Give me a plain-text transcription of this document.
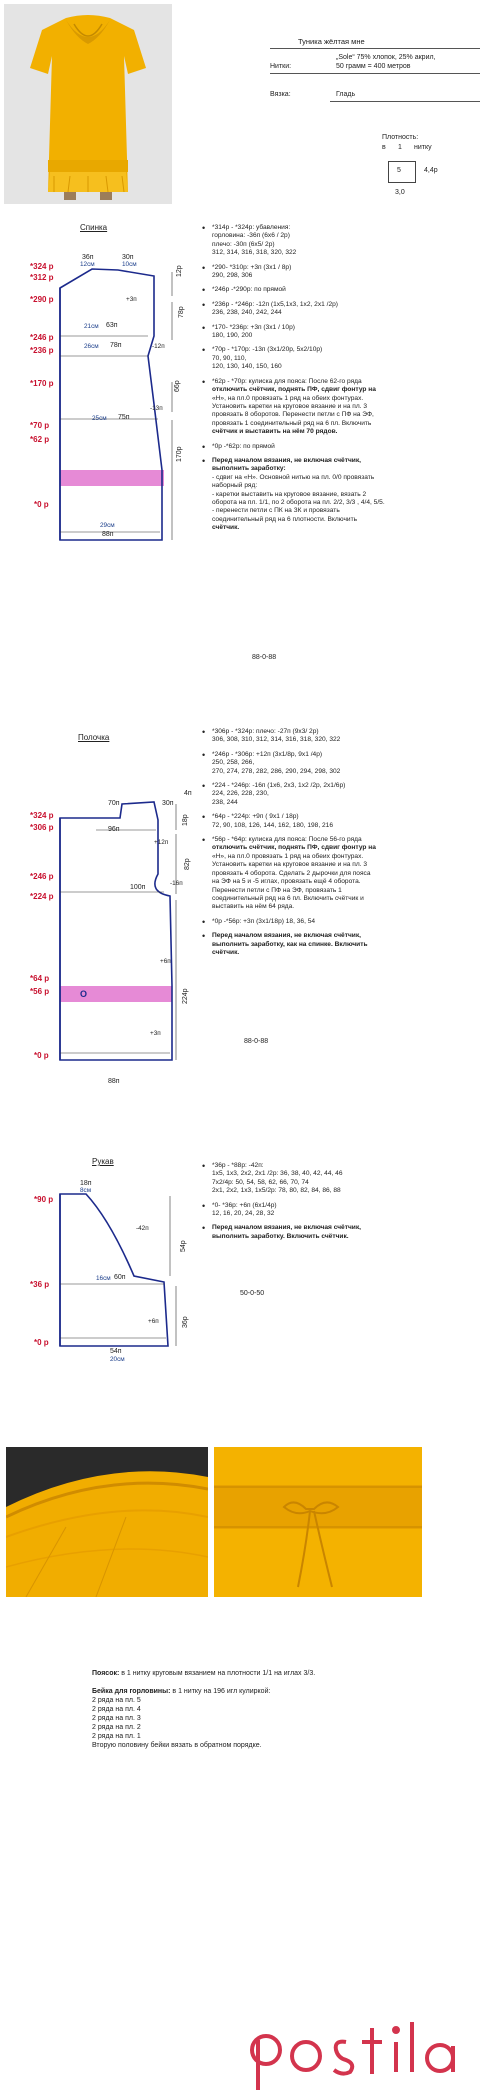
Туника жёлтая мне
„Sole“ 75% хлопок, 25% акрил,
Нитки:	50 грамм = 400 метров
Вязка:	Гладь
Плотность:
в 1 нитку
5	4,4р
3,0
Спинка
*324 р
*312 р
*290 р
*246 р
*236 р
*170 р
*70 р
*62 р
*0 р
36п
12см
30п
10см
12р
+3п
78р
21см 63п
26см 78п	-12п
66р
25см 75п
170р
-13п
29см
88п
• *314р - *324р: убавления:
горловина: -36п (6х6 / 2р)
плечо: -30п (6х5/ 2р)
312, 314, 316, 318, 320, 322
• *290- *310р: +3п (3х1 / 8р)
290, 298, 306
• *246р -*290р: по прямой
• *236р - *246р: -12п (1х5,1х3, 1х2, 2х1 /2р)
236, 238, 240, 242, 244
• *170- *236р: +3п (3х1 / 10р)
180, 190, 200
• *70р - *170р: -13п (3х1/20р, 5х2/10р)
70, 90, 110,
120, 130, 140, 150, 160
• *62р - *70р: кулиска для пояса: После 62-го ряда
отключить счётчик, поднять ПФ, сдвиг фонтур на
«Н», на пл.0 провязать 1 ряд на обеих фонтурах.
Установить каретки на круговое вязание и на пл. 3
провязать 8 оборотов. Перенести петли с ПФ на ЭФ,
провязать 1 соединительный ряд на 6 пл. Включить
счётчик и выставить на нём 70 рядов.
• *0р -*62р: по прямой
• Перед началом вязания, не включая счётчик,
выполнить заработку:
- сдвиг на «Н». Основной нитью на пл. 0/0 провязать
наборный ряд:
- каретки выставить на круговое вязание, вязать 2
оборота на пл. 1/1, по 2 оборота на пл. 2/2, 3/3 , 4/4, 5/5.
- перенести петли с ПК на ЗК и провязать
соединительный ряд на 6 плотности. Включить
счётчик.
88-0-88
Полочка
*324 р
*306 р
*246 р
*224 р
*64 р
*56 р
*0 р
70п	30п
4п
18р
96п
+12п
82р
-16п
100п
+6п
224р
О
+3п
88п
• *306р - *324р: плечо: -27п (9х3/ 2р)
306, 308, 310, 312, 314, 316, 318, 320, 322
• *246р - *306р: +12п (3х1/8р, 9х1 /4р)
250, 258, 266,
270, 274, 278, 282, 286, 290, 294, 298, 302
• *224 - *246р: -16п (1х6, 2х3, 1х2 /2р, 2х1/6р)
224, 226, 228, 230,
238, 244
• *64р - *224р: +9п ( 9х1 / 18р)
72, 90, 108, 126, 144, 162, 180, 198, 216
• *56р - *64р: кулиска для пояса: После 56-го ряда
отключить счётчик, поднять ПФ, сдвиг фонтур на
«Н», на пл.0 провязать 1 ряд на обеих фонтурах.
Установить каретки на круговое вязание и на пл. 3
провязать 4 оборота. Сделать 2 дырочки для пояса
на ЭФ на 5 и -5 иглах, провязать ещё 4 оборота.
Перенести петли с ПФ на ЭФ, провязать 1
соединительный ряд на 6 пл. Включить счётчик и
выставить на нём 64 ряда.
• *0р -*56р: +3п (3х1/18р) 18, 36, 54
• Перед началом вязания, не включая счётчик,
выполнить заработку, как на спинке. Включить
счётчик.
88-0-88
Рукав
*90 р
*36 р
*0 р
18п
8см
-42п
54р
16см 60п
+6п	36р
54п
20см
• *36р - *88р: -42п:
1х5, 1х3, 2х2, 2х1 /2р: 36, 38, 40, 42, 44, 46
7х2/4р: 50, 54, 58, 62, 66, 70, 74
2х1, 2х2, 1х3, 1х5/2р: 78, 80, 82, 84, 86, 88
• *0- *36р: +6п (6х1/4р)
12, 16, 20, 24, 28, 32
• Перед началом вязания, не включая счётчик,
выполнить заработку. Включить счётчик.
50-0-50
Поясок: в 1 нитку круговым вязанием на плотности 1/1 на иглах 3/3.
Бейка для горловины: в 1 нитку на 196 игл кулиркой:
2 ряда на пл. 5
2 ряда на пл. 4
2 ряда на пл. 3
2 ряда на пл. 2
2 ряда на пл. 1
Вторую половину бейки вязать в обратном порядке.
